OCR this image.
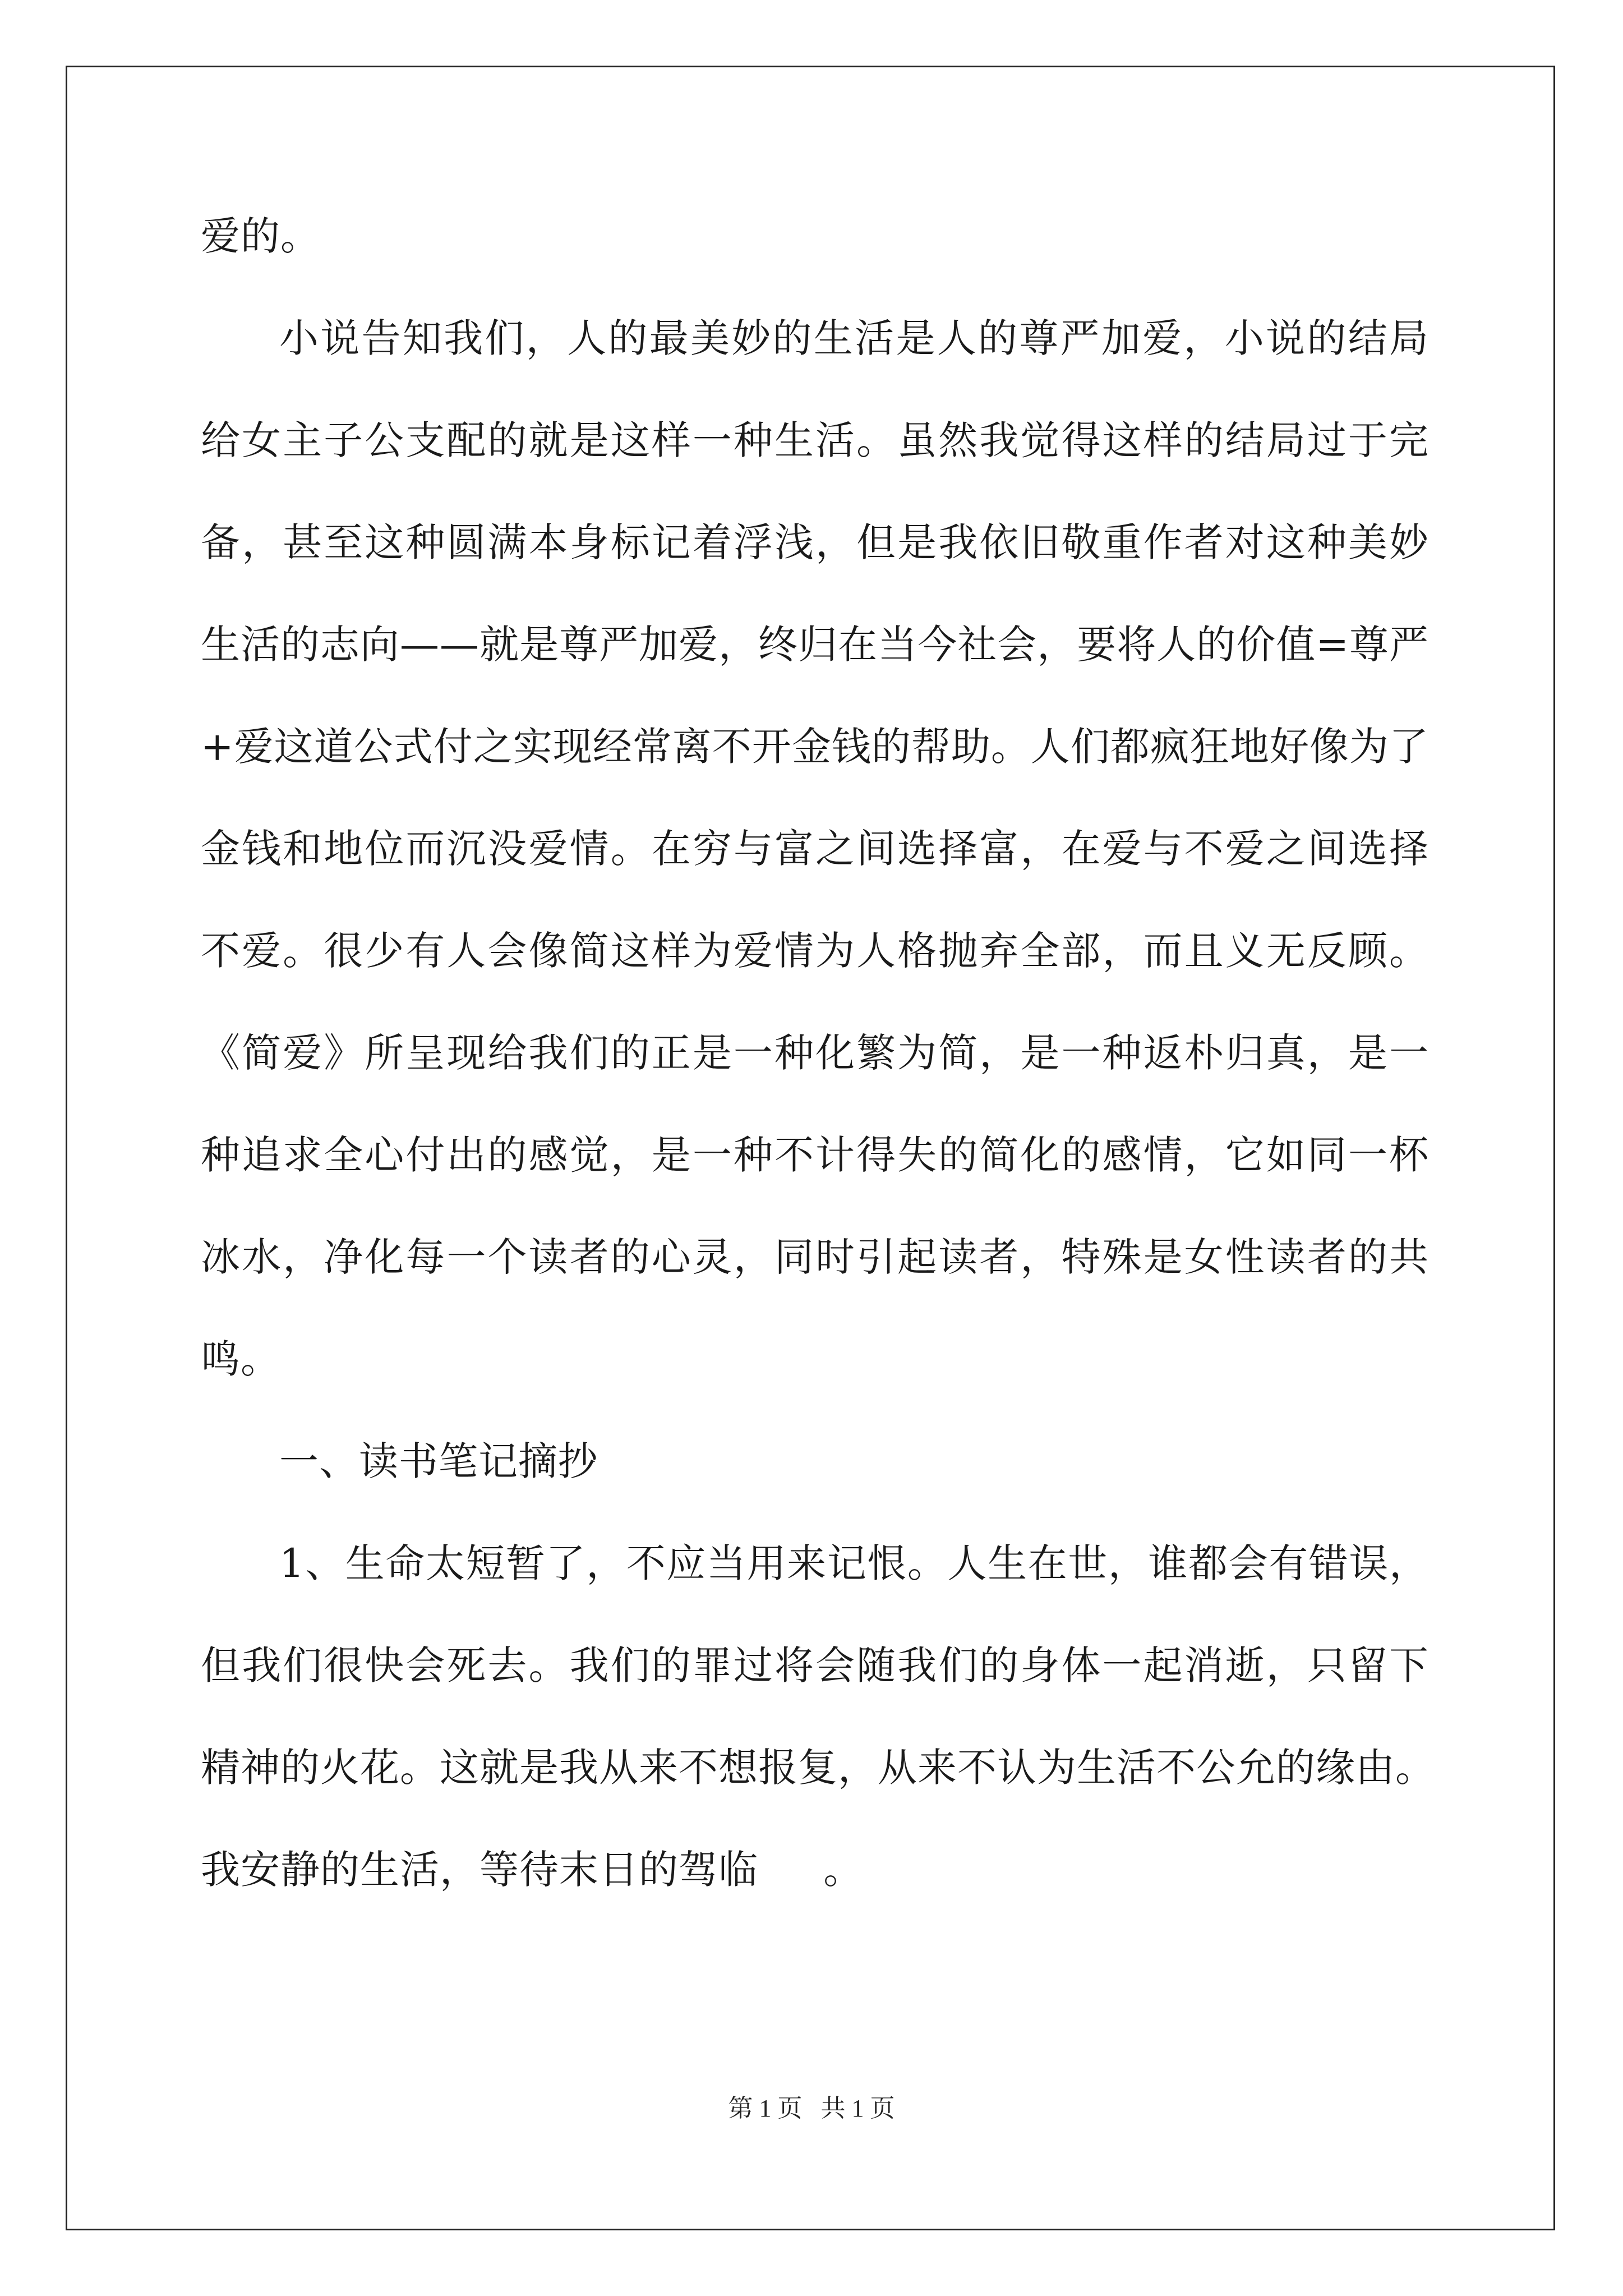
爱的。
小说告知我们，人的最美妙的生活是人的尊严加爱，小说的结局
给女主子公支配的就是这样一种生活。虽然我觉得这样的结局过于完
备，甚至这种圆满本身标记着浮浅，但是我依旧敬重作者对这种美妙
生活的志向——就是尊严加爱，终归在当今社会，要将人的价值=尊严
+爱这道公式付之实现经常离不开金钱的帮助。人们都疯狂地好像为了
金钱和地位而沉没爱情。在穷与富之间选择富，在爱与不爱之间选择
不爱。很少有人会像简这样为爱情为人格抛弃全部，而且义无反顾。
《简爱》所呈现给我们的正是一种化繁为简，是一种返朴归真，是一
种追求全心付出的感觉，是一种不计得失的简化的感情，它如同一杯
冰水，净化每一个读者的心灵，同时引起读者，特殊是女性读者的共
鸣。
一、读书笔记摘抄
1、生命太短暂了，不应当用来记恨。人生在世，谁都会有错误，
但我们很快会死去。我们的罪过将会随我们的身体一起消逝，只留下
精神的火花。这就是我从来不想报复，从来不认为生活不公允的缘由。
我安静的生活，等待末日的驾临     。
第 1 页   共 1 页
